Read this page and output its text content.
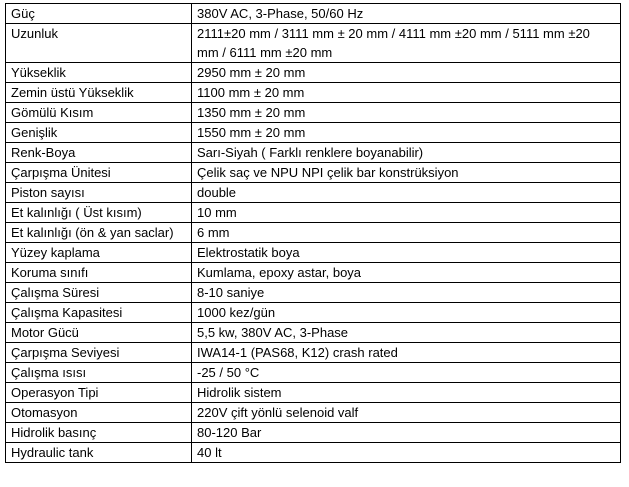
Güç	380V AC, 3-Phase, 50/60 Hz
Uzunluk	2111±20 mm / 3111 mm ± 20 mm / 4111 mm ±20 mm / 5111 mm ±20 mm / 6111 mm ±20 mm
Yükseklik	2950 mm ± 20 mm
Zemin üstü Yükseklik	1100 mm ± 20 mm
Gömülü Kısım	1350 mm ± 20 mm
Genişlik	1550 mm ± 20 mm
Renk-Boya	Sarı-Siyah ( Farklı renklere boyanabilir)
Çarpışma Ünitesi	Çelik saç ve NPU NPI çelik bar konstrüksiyon
Piston sayısı	double
Et kalınlığı ( Üst kısım)	10 mm
Et kalınlığı (ön & yan saclar)	6 mm
Yüzey kaplama	Elektrostatik boya
Koruma sınıfı	Kumlama, epoxy astar, boya
Çalışma Süresi	8-10 saniye
Çalışma Kapasitesi	1000 kez/gün
Motor Gücü	5,5 kw, 380V AC, 3-Phase
Çarpışma Seviyesi	IWA14-1 (PAS68, K12) crash rated
Çalışma ısısı	-25 / 50 °C
Operasyon Tipi	Hidrolik sistem
Otomasyon	220V çift yönlü selenoid valf
Hidrolik basınç	80-120 Bar
Hydraulic tank	40 lt
